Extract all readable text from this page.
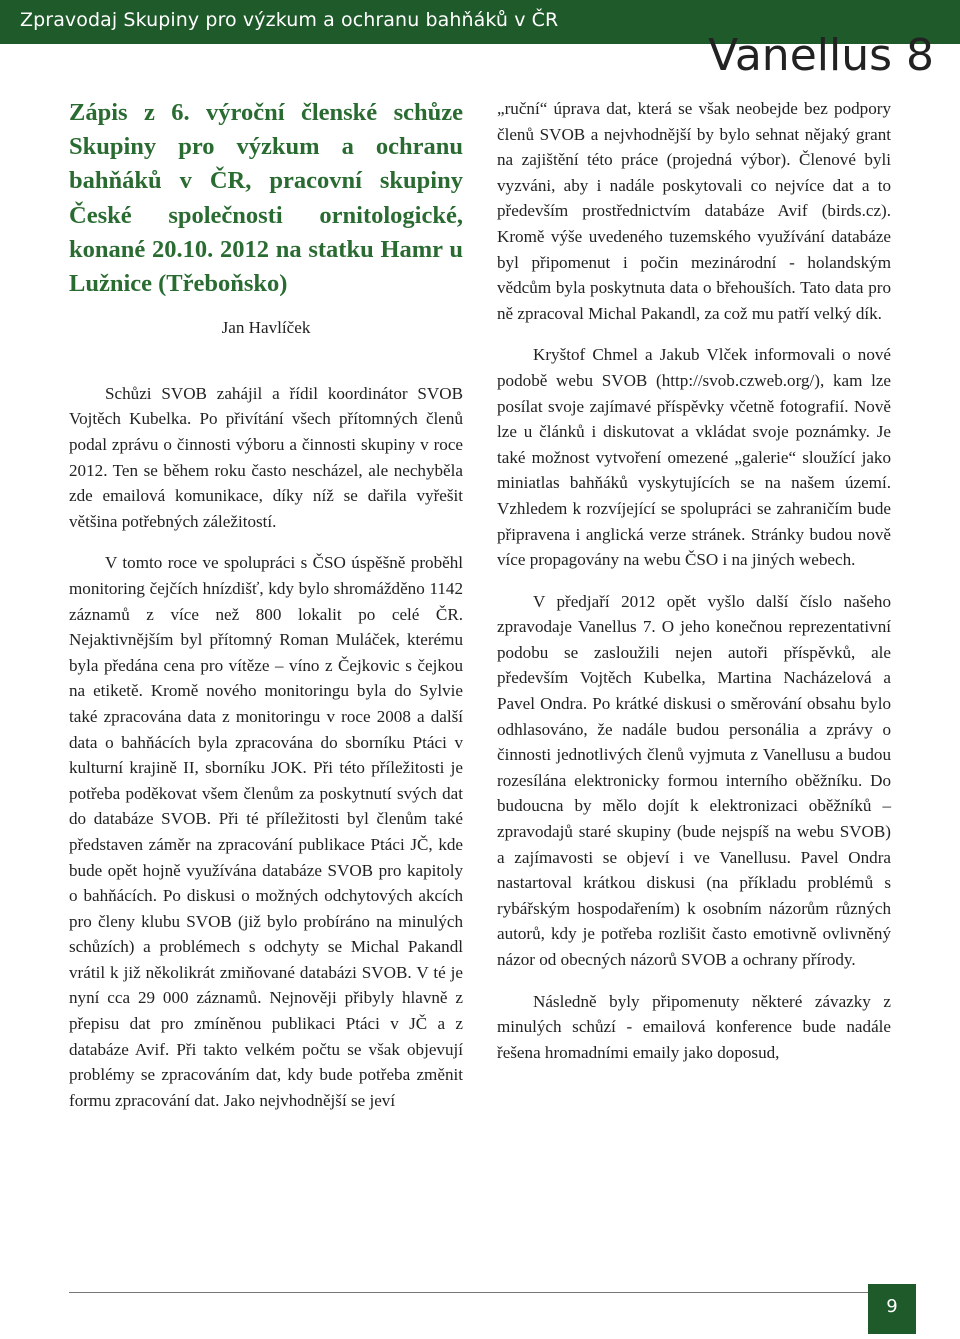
Zpravodaj Skupiny pro výzkum a ochranu bahňáků v ČR
Vanellus 8

Zápis z 6. výroční členské schůze Skupiny pro výzkum a ochranu bahňáků v ČR, pracovní skupiny České společnosti ornitologické, konané 20.10. 2012 na statku Hamr u Lužnice (Třeboňsko)

Jan Havlíček

Schůzi SVOB zahájil a řídil koordinátor SVOB Vojtěch Kubelka. Po přivítání všech přítomných členů podal zprávu o činnosti výboru a činnosti skupiny v roce 2012. Ten se během roku často nescházel, ale nechyběla zde emailová komunikace, díky níž se dařila vyřešit většina potřebných záležitostí.

V tomto roce ve spolupráci s ČSO úspěšně proběhl monitoring čejčích hnízdišť, kdy bylo shromážděno 1142 záznamů z více než 800 lokalit po celé ČR. Nejaktivnějším byl přítomný Roman Muláček, kterému byla předána cena pro vítěze – víno z Čejkovic s čejkou na etiketě. Kromě nového monitoringu byla do Sylvie také zpracována data z monitoringu v roce 2008 a další data o bahňácích byla zpracována do sborníku Ptáci v kulturní krajině II, sborníku JOK. Při této příležitosti je potřeba poděkovat všem členům za poskytnutí svých dat do databáze SVOB. Při té příležitosti byl členům také představen záměr na zpracování publikace Ptáci JČ, kde bude opět hojně využívána databáze SVOB pro kapitoly o bahňácích. Po diskusi o možných odchytových akcích pro členy klubu SVOB (již bylo probíráno na minulých schůzích) a problémech s odchyty se Michal Pakandl vrátil k již několikrát zmiňované databázi SVOB. V té je nyní cca 29 000 záznamů. Nejnověji přibyly hlavně z přepisu dat pro zmíněnou publikaci Ptáci v JČ a z databáze Avif. Při takto velkém počtu se však objevují problémy se zpracováním dat, kdy bude potřeba změnit formu zpracování dat. Jako nejvhodnější se jeví

„ruční“ úprava dat, která se však neobejde bez podpory členů SVOB a nejvhodnější by bylo sehnat nějaký grant na zajištění této práce (projedná výbor). Členové byli vyzváni, aby i nadále poskytovali co nejvíce dat a to především prostřednictvím databáze Avif (birds.cz). Kromě výše uvedeného tuzemského využívání databáze byl připomenut i počin mezinárodní - holandským vědcům byla poskytnuta data o břehouších. Tato data pro ně zpracoval Michal Pakandl, za což mu patří velký dík.

Kryštof Chmel a Jakub Vlček informovali o nové podobě webu SVOB (http://svob.czweb.org/), kam lze posílat svoje zajímavé příspěvky včetně fotografií. Nově lze u článků i diskutovat a vkládat svoje poznámky. Je také možnost vytvoření omezené „galerie“ sloužící jako miniatlas bahňáků vyskytujících se na našem území. Vzhledem k rozvíjející se spolupráci se zahraničím bude připravena i anglická verze stránek. Stránky budou nově více propagovány na webu ČSO i na jiných webech.

V předjaří 2012 opět vyšlo další číslo našeho zpravodaje Vanellus 7. O jeho konečnou reprezentativní podobu se zasloužili nejen autoři příspěvků, ale především Vojtěch Kubelka, Martina Nacházelová a Pavel Ondra. Po krátké diskusi o směrování obsahu bylo odhlasováno, že nadále budou personália a zprávy o činnosti jednotlivých členů vyjmuta z Vanellusu a budou rozesílána elektronicky formou interního oběžníku. Do budoucna by mělo dojít k elektronizaci oběžníků – zpravodajů staré skupiny (bude nejspíš na webu SVOB) a zajímavosti se objeví i ve Vanellusu. Pavel Ondra nastartoval krátkou diskusi (na příkladu problémů s rybářským hospodařením) k osobním názorům různých autorů, kdy je potřeba rozlišit často emotivně ovlivněný názor od obecných názorů SVOB a ochrany přírody.

Následně byly připomenuty některé závazky z minulých schůzí - emailová konference bude nadále řešena hromadními emaily jako doposud,

9
